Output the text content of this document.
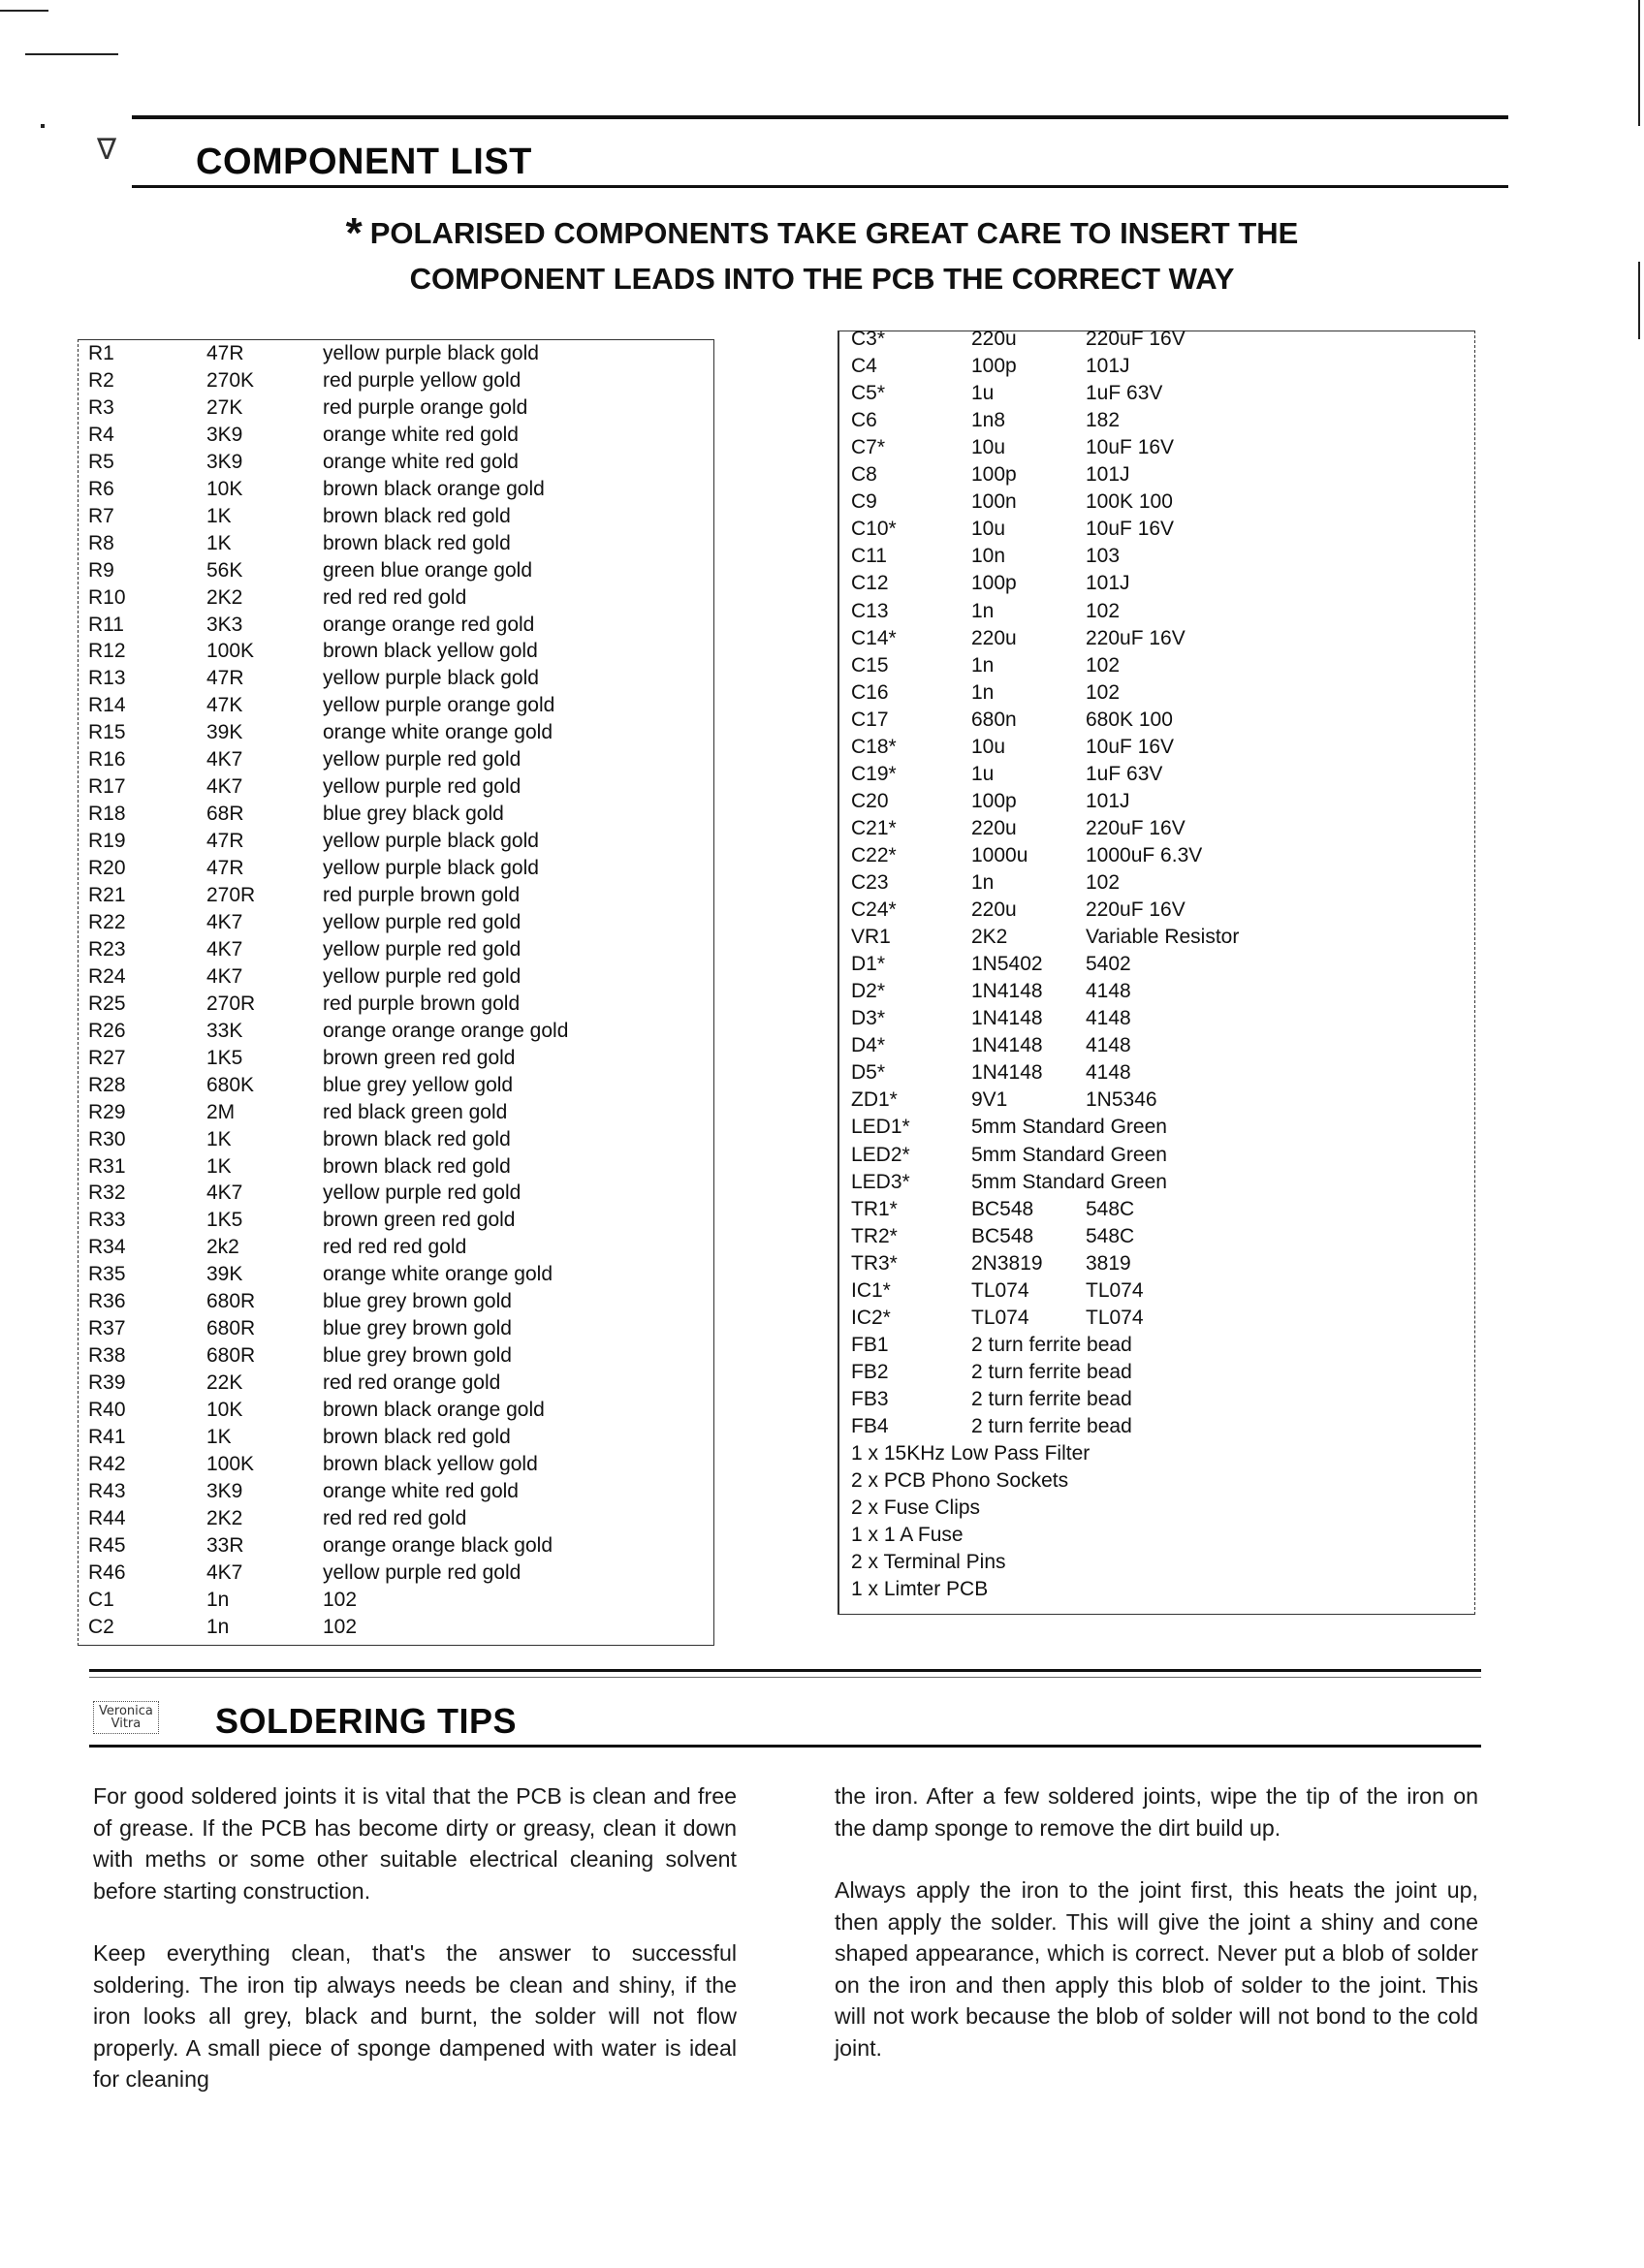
∇ COMPONENT LIST
* POLARISED COMPONENTS TAKE GREAT CARE TO INSERT THE
COMPONENT LEADS INTO THE PCB THE CORRECT WAY
R1	47R	yellow purple black gold
R2	270K	red purple yellow gold
R3	27K	red purple orange gold
R4	3K9	orange white red gold
R5	3K9	orange white red gold
R6	10K	brown black orange gold
R7	1K	brown black red gold
R8	1K	brown black red gold
R9	56K	green blue orange gold
R10	2K2	red red red gold
R11	3K3	orange orange red gold
R12	100K	brown black yellow gold
R13	47R	yellow purple black gold
R14	47K	yellow purple orange gold
R15	39K	orange white orange gold
R16	4K7	yellow purple red gold
R17	4K7	yellow purple red gold
R18	68R	blue grey black gold
R19	47R	yellow purple black gold
R20	47R	yellow purple black gold
R21	270R	red purple brown gold
R22	4K7	yellow purple red gold
R23	4K7	yellow purple red gold
R24	4K7	yellow purple red gold
R25	270R	red purple brown gold
R26	33K	orange orange orange gold
R27	1K5	brown green red gold
R28	680K	blue grey yellow gold
R29	2M	red black green gold
R30	1K	brown black red gold
R31	1K	brown black red gold
R32	4K7	yellow purple red gold
R33	1K5	brown green red gold
R34	2k2	red red red gold
R35	39K	orange white orange gold
R36	680R	blue grey brown gold
R37	680R	blue grey brown gold
R38	680R	blue grey brown gold
R39	22K	red red orange gold
R40	10K	brown black orange gold
R41	1K	brown black red gold
R42	100K	brown black yellow gold
R43	3K9	orange white red gold
R44	2K2	red red red gold
R45	33R	orange orange black gold
R46	4K7	yellow purple red gold
C1	1n	102
C2	1n	102
C3*	220u	220uF 16V
C4	100p	101J
C5*	1u	1uF 63V
C6	1n8	182
C7*	10u	10uF 16V
C8	100p	101J
C9	100n	100K 100
C10*	10u	10uF 16V
C11	10n	103
C12	100p	101J
C13	1n	102
C14*	220u	220uF 16V
C15	1n	102
C16	1n	102
C17	680n	680K 100
C18*	10u	10uF 16V
C19*	1u	1uF 63V
C20	100p	101J
C21*	220u	220uF 16V
C22*	1000u	1000uF 6.3V
C23	1n	102
C24*	220u	220uF 16V
VR1	2K2	Variable Resistor
D1*	1N5402 5402
D2*	1N4148 4148
D3*	1N4148 4148
D4*	1N4148 4148
D5*	1N4148 4148
ZD1*	9V1	1N5346
LED1*	5mm Standard Green
LED2*	5mm Standard Green
LED3*	5mm Standard Green
TR1*	BC548	548C
TR2*	BC548	548C
TR3*	2N3819 3819
IC1*	TL074	TL074
IC2*	TL074	TL074
FB1	2 turn ferrite bead
FB2	2 turn ferrite bead
FB3	2 turn ferrite bead
FB4	2 turn ferrite bead
1 x 15KHz Low Pass Filter
2 x PCB Phono Sockets
2 x Fuse Clips
1 x 1 A Fuse
2 x Terminal Pins
1 x Limter PCB
Veronica
Vitra	SOLDERING TIPS

For good soldered joints it is vital that the PCB is clean and free of grease. If the PCB has become dirty or greasy, clean it down with meths or some other suitable electrical cleaning solvent before starting construction.

Keep everything clean, that's the answer to successful soldering. The iron tip always needs be clean and shiny, if the iron looks all grey, black and burnt, the solder will not flow properly. A small piece of sponge dampened with water is ideal for cleaning

the iron. After a few soldered joints, wipe the tip of the iron on the damp sponge to remove the dirt build up.

Always apply the iron to the joint first, this heats the joint up, then apply the solder. This will give the joint a shiny and cone shaped appearance, which is correct. Never put a blob of solder on the iron and then apply this blob of solder to the joint. This will not work because the blob of solder will not bond to the cold joint.
